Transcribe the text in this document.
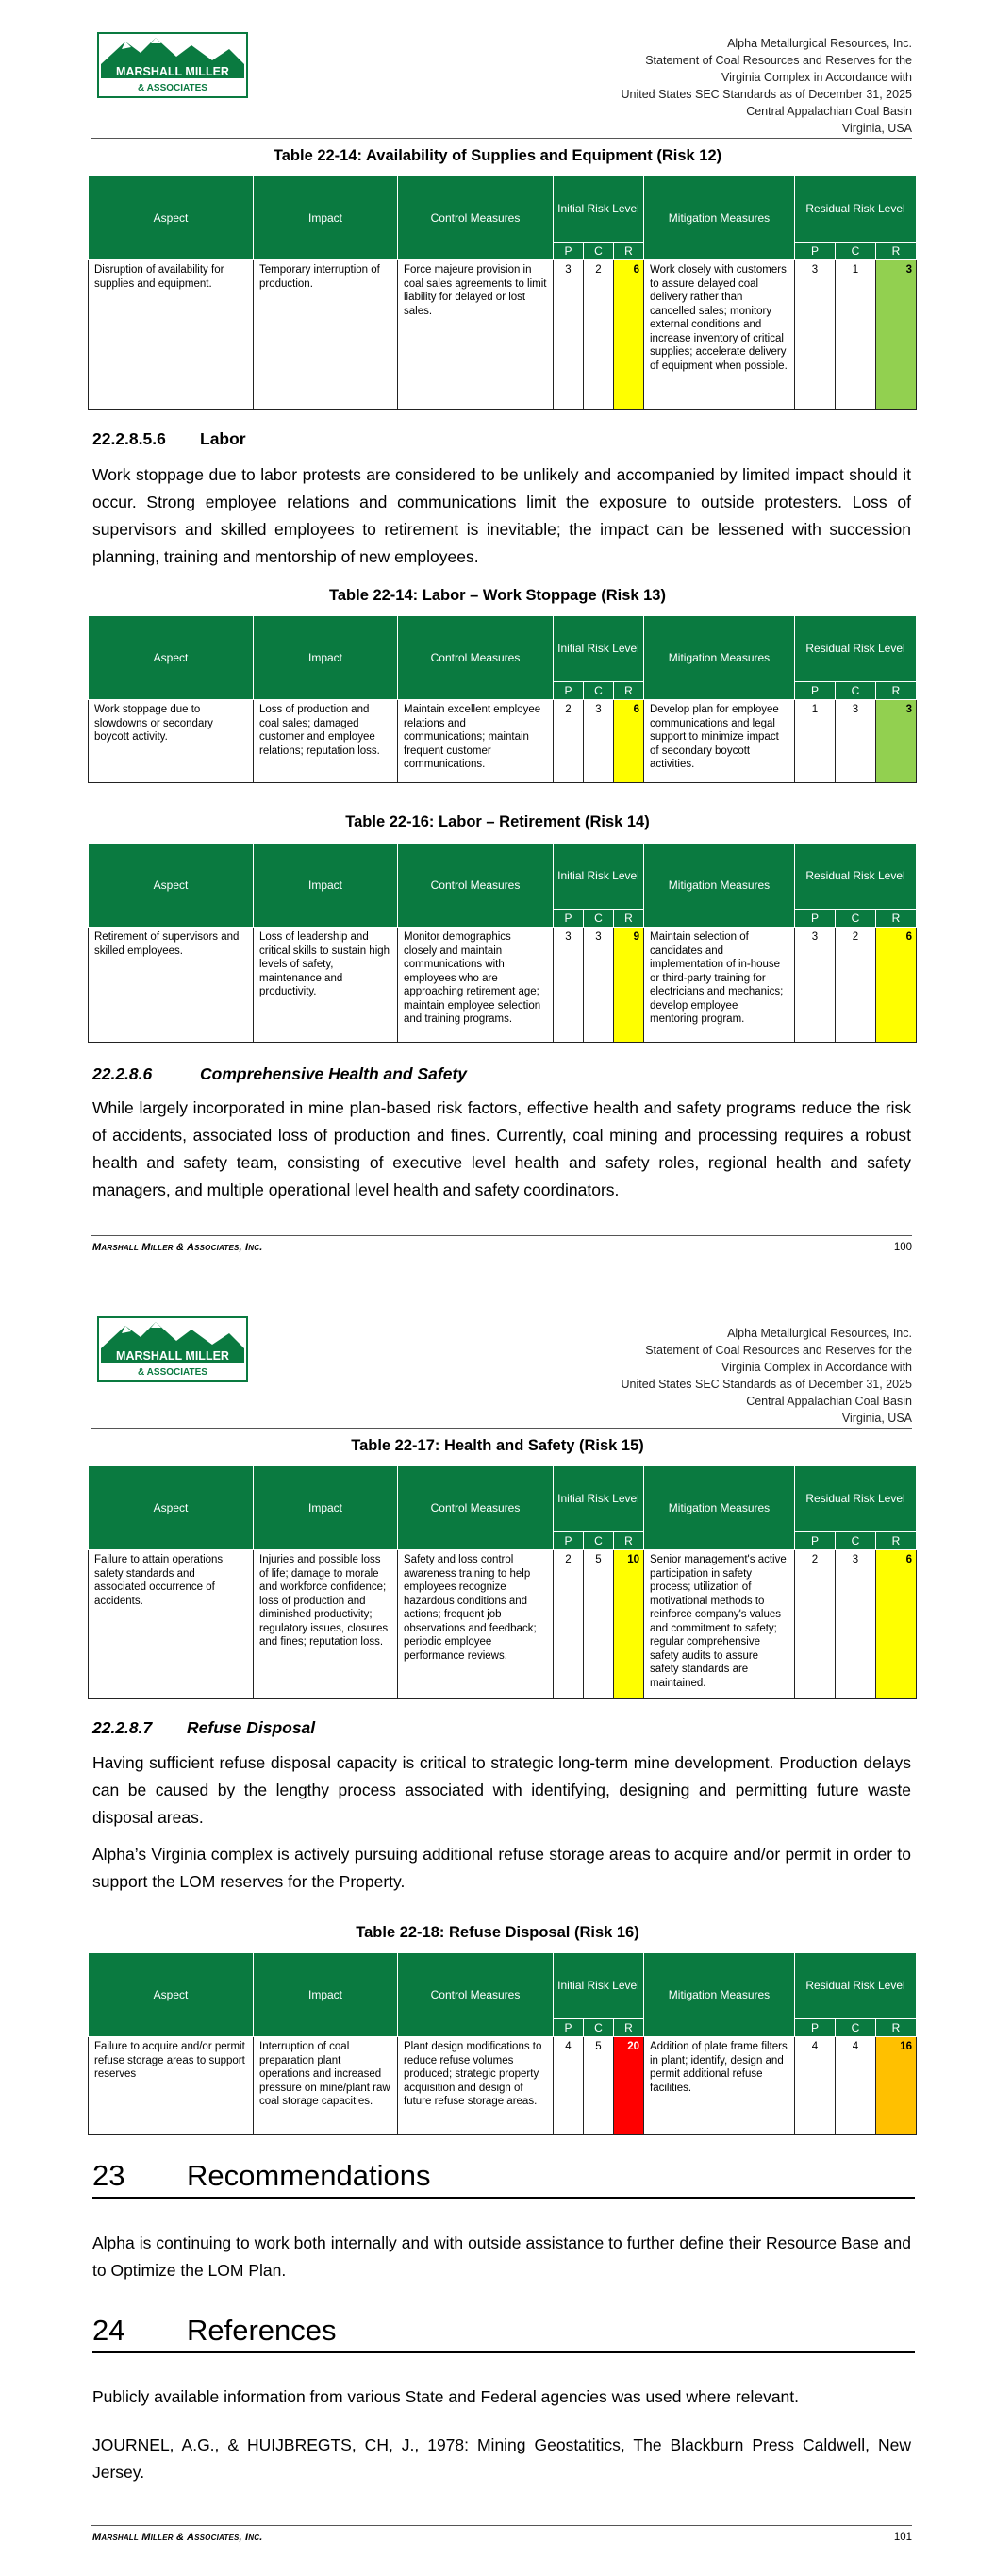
MARSHALL MILLER
& ASSOCIATES
Alpha Metallurgical Resources, Inc.
Statement of Coal Resources and Reserves for the
Virginia Complex in Accordance with
United States SEC Standards as of December 31, 2025
Central Appalachian Coal Basin
Virginia, USA
Table 22-14: Availability of Supplies and Equipment (Risk 12)
Aspect	Impact	Control Measures	Initial Risk Level			Mitigation Measures	Residual Risk Level		
			P	C	R		P	C	R
Disruption of availability for supplies and equipment.	Temporary interruption of production.	Force majeure provision in coal sales agreements to limit liability for delayed or lost sales.	3	2	6	Work closely with customers to assure delayed coal delivery rather than cancelled sales; monitory external conditions and increase inventory of critical supplies; accelerate delivery of equipment when possible.	3	1	3
22.2.8.5.6 Labor
Work stoppage due to labor protests are considered to be unlikely and accompanied by limited impact should it occur. Strong employee relations and communications limit the exposure to outside protesters. Loss of supervisors and skilled employees to retirement is inevitable; the impact can be lessened with succession planning, training and mentorship of new employees.
Table 22-14: Labor – Work Stoppage (Risk 13)
Aspect	Impact	Control Measures	Initial Risk Level			Mitigation Measures	Residual Risk Level		
			P	C	R		P	C	R
Work stoppage due to slowdowns or secondary boycott activity.	Loss of production and coal sales; damaged customer and employee relations; reputation loss.	Maintain excellent employee relations and communications; maintain frequent customer communications.	2	3	6	Develop plan for employee communications and legal support to minimize impact of secondary boycott activities.	1	3	3
Table 22-16: Labor – Retirement (Risk 14)
Aspect	Impact	Control Measures	Initial Risk Level			Mitigation Measures	Residual Risk Level		
			P	C	R		P	C	R
Retirement of supervisors and skilled employees.	Loss of leadership and critical skills to sustain high levels of safety, maintenance and productivity.	Monitor demographics closely and maintain communications with employees who are approaching retirement age; maintain employee selection and training programs.	3	3	9	Maintain selection of candidates and implementation of in-house or third-party training for electricians and mechanics; develop employee mentoring program.	3	2	6
22.2.8.6	Comprehensive Health and Safety
While largely incorporated in mine plan-based risk factors, effective health and safety programs reduce the risk of accidents, associated loss of production and fines. Currently, coal mining and processing requires a robust health and safety team, consisting of executive level health and safety roles, regional health and safety managers, and multiple operational level health and safety coordinators.
Marshall Miller & Associates, Inc.	100
MARSHALL MILLER
& ASSOCIATES
Alpha Metallurgical Resources, Inc.
Statement of Coal Resources and Reserves for the
Virginia Complex in Accordance with
United States SEC Standards as of December 31, 2025
Central Appalachian Coal Basin
Virginia, USA
Table 22-17: Health and Safety (Risk 15)
Aspect	Impact	Control Measures	Initial Risk Level			Mitigation Measures	Residual Risk Level		
			P	C	R		P	C	R
Failure to attain operations safety standards and associated occurrence of accidents.	Injuries and possible loss of life; damage to morale and workforce confidence; loss of production and diminished productivity; regulatory issues, closures and fines; reputation loss.	Safety and loss control awareness training to help employees recognize hazardous conditions and actions; frequent job observations and feedback; periodic employee performance reviews.	2	5	10	Senior management's active participation in safety process; utilization of motivational methods to reinforce company's values and commitment to safety; regular comprehensive safety audits to assure safety standards are maintained.	2	3	6
22.2.8.7 Refuse Disposal
Having sufficient refuse disposal capacity is critical to strategic long-term mine development. Production delays can be caused by the lengthy process associated with identifying, designing and permitting future waste disposal areas.
Alpha’s Virginia complex is actively pursuing additional refuse storage areas to acquire and/or permit in order to support the LOM reserves for the Property.
Table 22-18: Refuse Disposal (Risk 16)
Aspect	Impact	Control Measures	Initial Risk Level			Mitigation Measures	Residual Risk Level		
			P	C	R		P	C	R
Failure to acquire and/or permit refuse storage areas to support reserves	Interruption of coal preparation plant operations and increased pressure on mine/plant raw coal storage capacities.	Plant design modifications to reduce refuse volumes produced; strategic property acquisition and design of future refuse storage areas.	4	5	20	Addition of plate frame filters in plant; identify, design and permit additional refuse facilities.	4	4	16
23 Recommendations
Alpha is continuing to work both internally and with outside assistance to further define their Resource Base and to Optimize the LOM Plan.
24 References
Publicly available information from various State and Federal agencies was used where relevant.
JOURNEL, A.G., & HUIJBREGTS, CH, J., 1978: Mining Geostatitics, The Blackburn Press Caldwell, New Jersey.
Marshall Miller & Associates, Inc.	101
